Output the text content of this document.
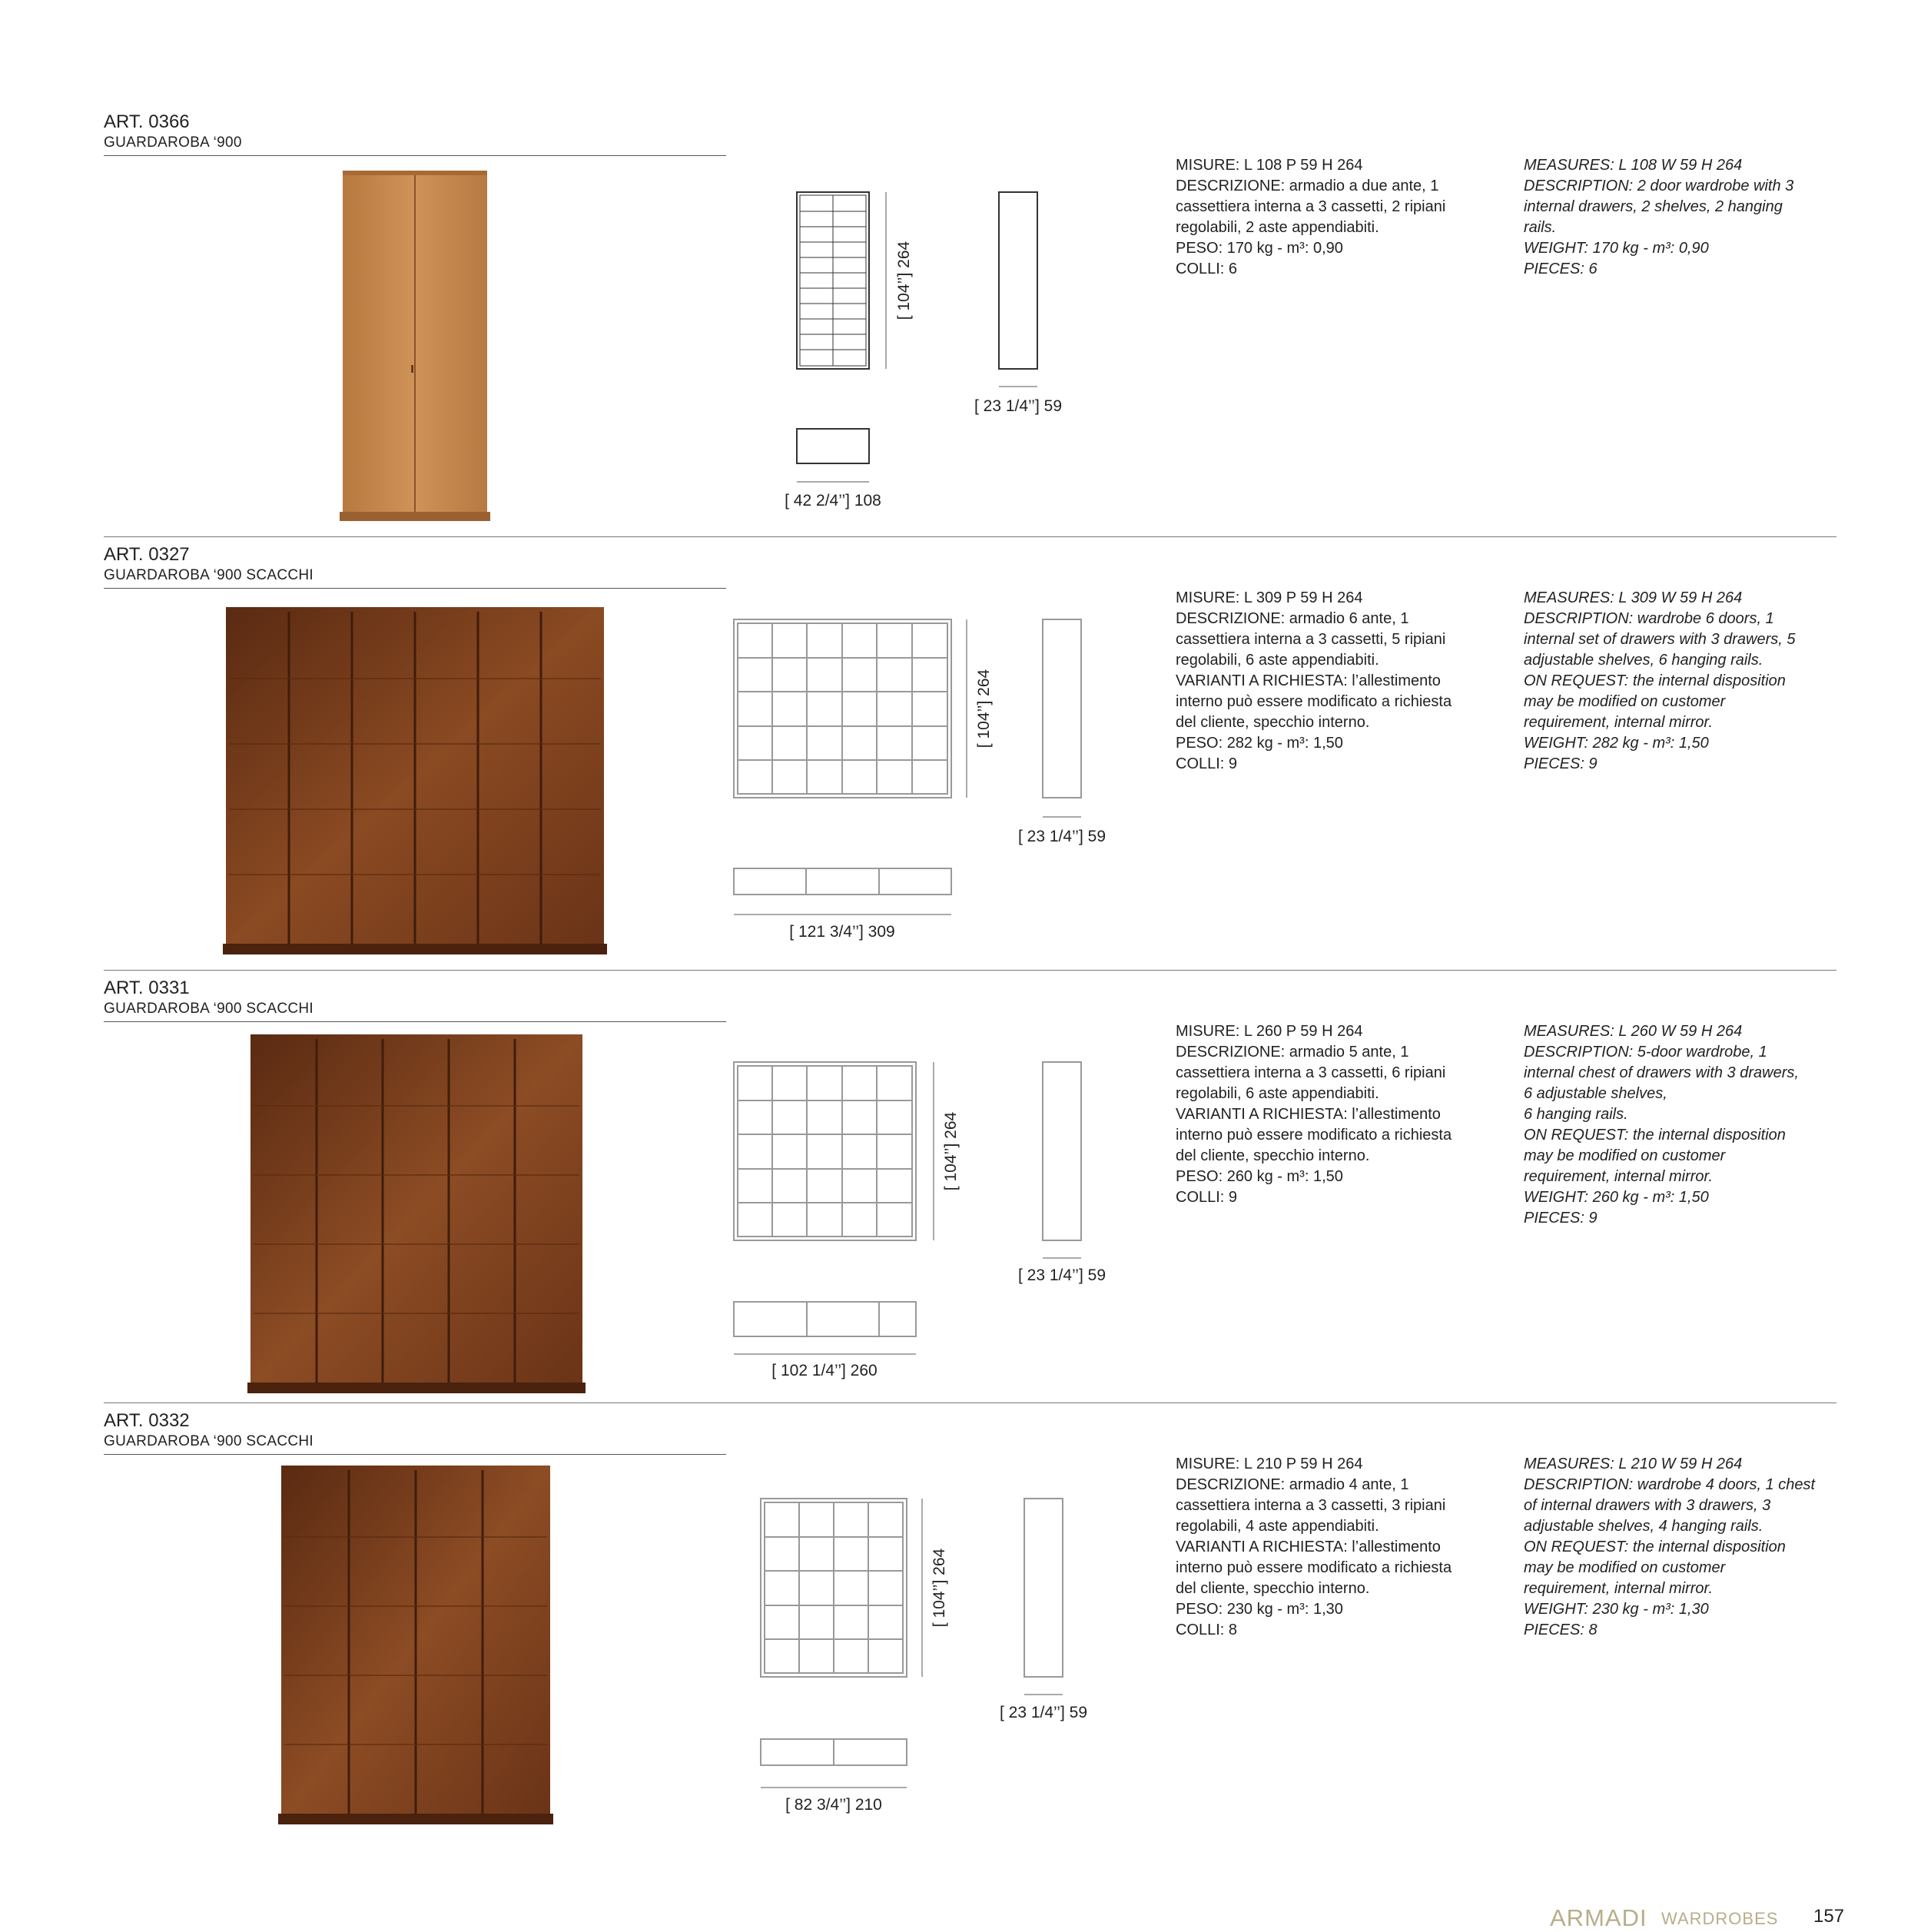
ART. 0366
GUARDAROBA ‘900
[ 104’’] 264
[ 23 1/4’’] 59
[ 42 2/4’’] 108
MISURE: L 108 P 59 H 264
DESCRIZIONE: armadio a due ante, 1
cassettiera interna a 3 cassetti, 2 ripiani
regolabili, 2 aste appendiabiti.
PESO: 170 kg - m³: 0,90
COLLI: 6
MEASURES: L 108 W 59 H 264
DESCRIPTION: 2 door wardrobe with 3
internal drawers, 2 shelves, 2 hanging
rails.
WEIGHT: 170 kg - m³: 0,90
PIECES: 6
ART. 0327
GUARDAROBA ‘900 SCACCHI
[ 104’’] 264
[ 23 1/4’’] 59
[ 121 3/4’’] 309
MISURE: L 309 P 59 H 264
DESCRIZIONE: armadio 6 ante, 1
cassettiera interna a 3 cassetti, 5 ripiani
regolabili, 6 aste appendiabiti.
VARIANTI A RICHIESTA: l’allestimento
interno può essere modificato a richiesta
del cliente, specchio interno.
PESO: 282 kg - m³: 1,50
COLLI: 9
MEASURES: L 309 W 59 H 264
DESCRIPTION: wardrobe 6 doors, 1
internal set of drawers with 3 drawers, 5
adjustable shelves, 6 hanging rails.
ON REQUEST: the internal disposition
may be modified on customer
requirement, internal mirror.
WEIGHT: 282 kg - m³: 1,50
PIECES: 9
ART. 0331
GUARDAROBA ‘900 SCACCHI
[ 104’’] 264
[ 23 1/4’’] 59
[ 102 1/4’’] 260
MISURE: L 260 P 59 H 264
DESCRIZIONE: armadio 5 ante, 1
cassettiera interna a 3 cassetti, 6 ripiani
regolabili, 6 aste appendiabiti.
VARIANTI A RICHIESTA: l’allestimento
interno può essere modificato a richiesta
del cliente, specchio interno.
PESO: 260 kg - m³: 1,50
COLLI: 9
MEASURES: L 260 W 59 H 264
DESCRIPTION: 5-door wardrobe, 1
internal chest of drawers with 3 drawers,
6 adjustable shelves,
6 hanging rails.
ON REQUEST: the internal disposition
may be modified on customer
requirement, internal mirror.
WEIGHT: 260 kg - m³: 1,50
PIECES: 9
ART. 0332
GUARDAROBA ‘900 SCACCHI
[ 104’’] 264
[ 23 1/4’’] 59
[ 82 3/4’’] 210
MISURE: L 210 P 59 H 264
DESCRIZIONE: armadio 4 ante, 1
cassettiera interna a 3 cassetti, 3 ripiani
regolabili, 4 aste appendiabiti.
VARIANTI A RICHIESTA: l’allestimento
interno può essere modificato a richiesta
del cliente, specchio interno.
PESO: 230 kg - m³: 1,30
COLLI: 8
MEASURES: L 210 W 59 H 264
DESCRIPTION: wardrobe 4 doors, 1 chest
of internal drawers with 3 drawers, 3
adjustable shelves, 4 hanging rails.
ON REQUEST: the internal disposition
may be modified on customer
requirement, internal mirror.
WEIGHT: 230 kg - m³: 1,30
PIECES: 8
ARMADI WARDROBES 157
